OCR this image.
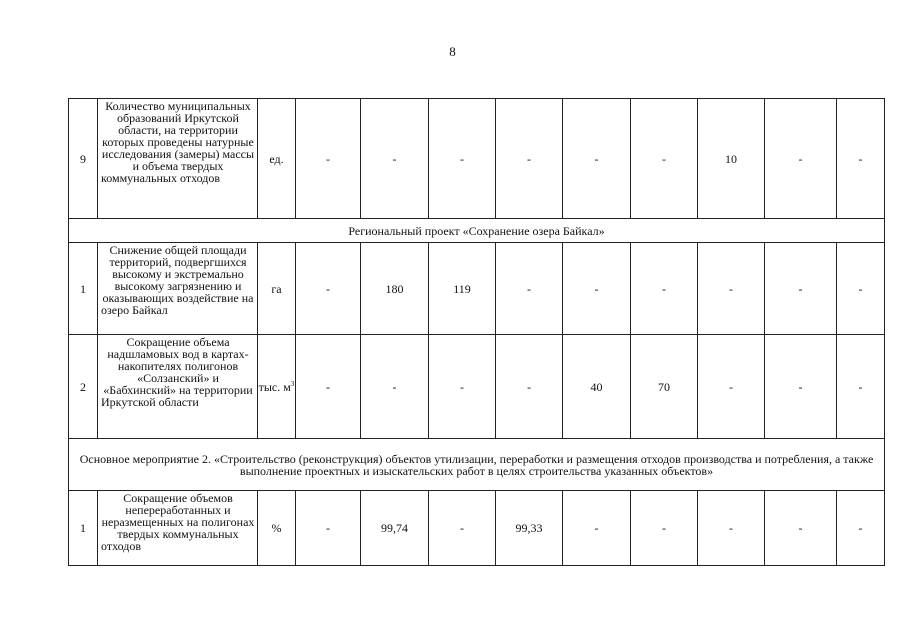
8
9	Количество муниципальных образований Иркутской области, на территории которых проведены натурные исследования (замеры) массы и объема твердых коммунальных отходов	ед.	-	-	-	-	-	-	10	-	-
Региональный проект «Сохранение озера Байкал»											
1	Снижение общей площади территорий, подвергшихся высокому и экстремально высокому загрязнению и оказывающих воздействие на озеро Байкал	га	-	180	119	-	-	-	-	-	-
2	Сокращение объема надшламовых вод в картах-накопителях полигонов «Солзанский» и «Бабхинский» на территории Иркутской области	тыс. $м^3$	-	-	-	-	40	70	-	-	-
Основное мероприятие 2. «Строительство (реконструкция) объектов утилизации, переработки и размещения отходов производства и потребления, а также выполнение проектных и изыскательских работ в целях строительства указанных объектов»											
1	Сокращение объемов непереработанных и неразмещенных на полигонах твердых коммунальных отходов	%	-	99,74	-	99,33	-	-	-	-	-
